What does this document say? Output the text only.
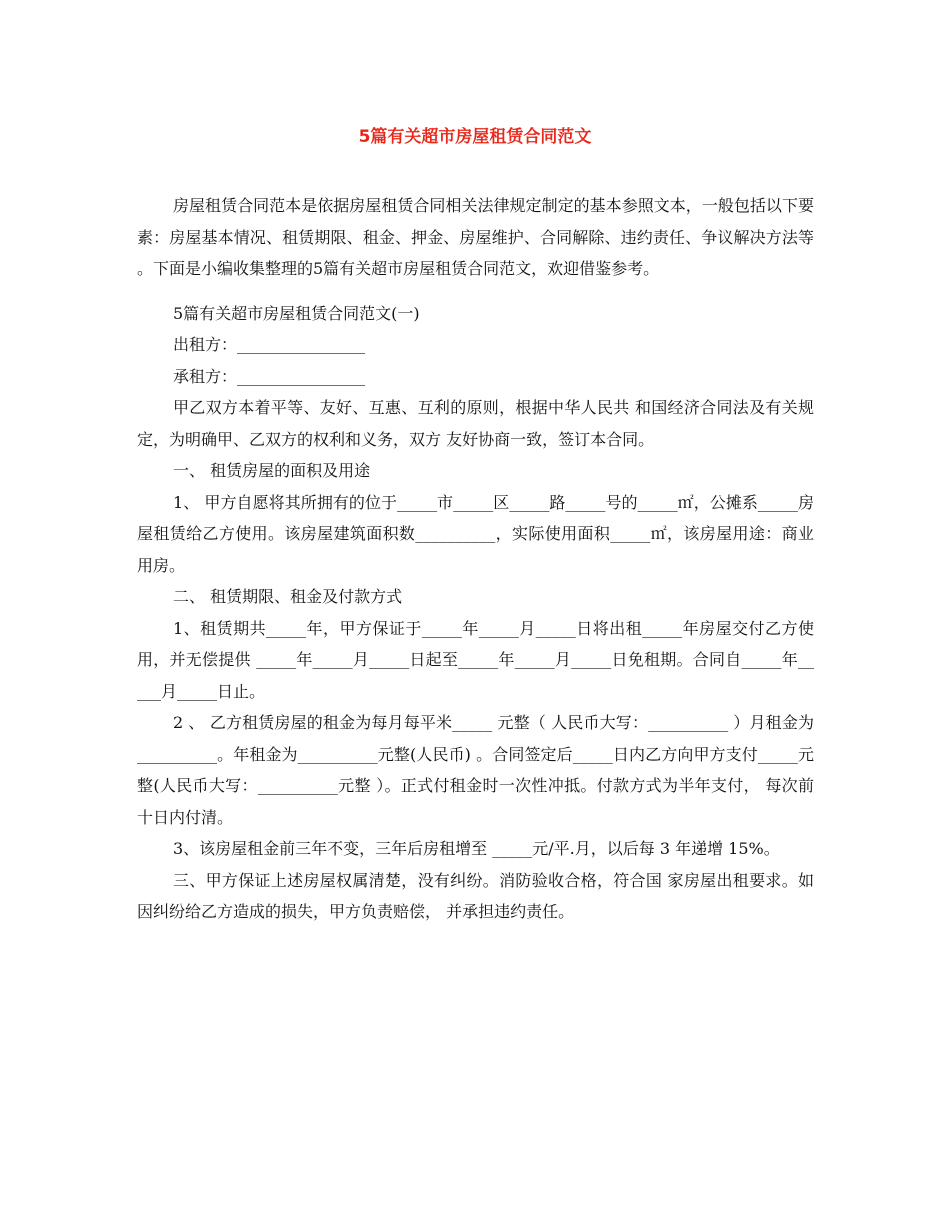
5篇有关超市房屋租赁合同范文

房屋租赁合同范本是依据房屋租赁合同相关法律规定制定的基本参照文本，一般包括以下要素：房屋基本情况、租赁期限、租金、押金、房屋维护、合同解除、违约责任、争议解决方法等 。下面是小编收集整理的5篇有关超市房屋租赁合同范文，欢迎借鉴参考。

5篇有关超市房屋租赁合同范文(一)

出租方：________________

承租方：________________

甲乙双方本着平等、友好、互惠、互利的原则，根据中华人民共 和国经济合同法及有关规定，为明确甲、乙双方的权利和义务，双方 友好协商一致，签订本合同。

一、 租赁房屋的面积及用途

1、 甲方自愿将其所拥有的位于_____市_____区_____路_____号的_____㎡，公摊系_____房屋租赁给乙方使用。该房屋建筑面积数__________，实际使用面积_____㎡，该房屋用途：商业用房。

二、 租赁期限、租金及付款方式

1、租赁期共_____年，甲方保证于_____年_____月_____日将出租_____年房屋交付乙方使用，并无偿提供 _____年_____月_____日起至_____年_____月_____日免租期。合同自_____年_____月_____日止。

2 、 乙方租赁房屋的租金为每月每平米_____ 元整（ 人民币大写：__________ ）月租金为__________。年租金为__________元整(人民币) 。合同签定后_____日内乙方向甲方支付_____元整(人民币大写：__________元整 ）。正式付租金时一次性冲抵。付款方式为半年支付， 每次前十日内付清。

3、该房屋租金前三年不变，三年后房租增至 _____元/平.月，以后每 3 年递增 15%。

三、甲方保证上述房屋权属清楚，没有纠纷。消防验收合格，符合国 家房屋出租要求。如因纠纷给乙方造成的损失，甲方负责赔偿， 并承担违约责任。
